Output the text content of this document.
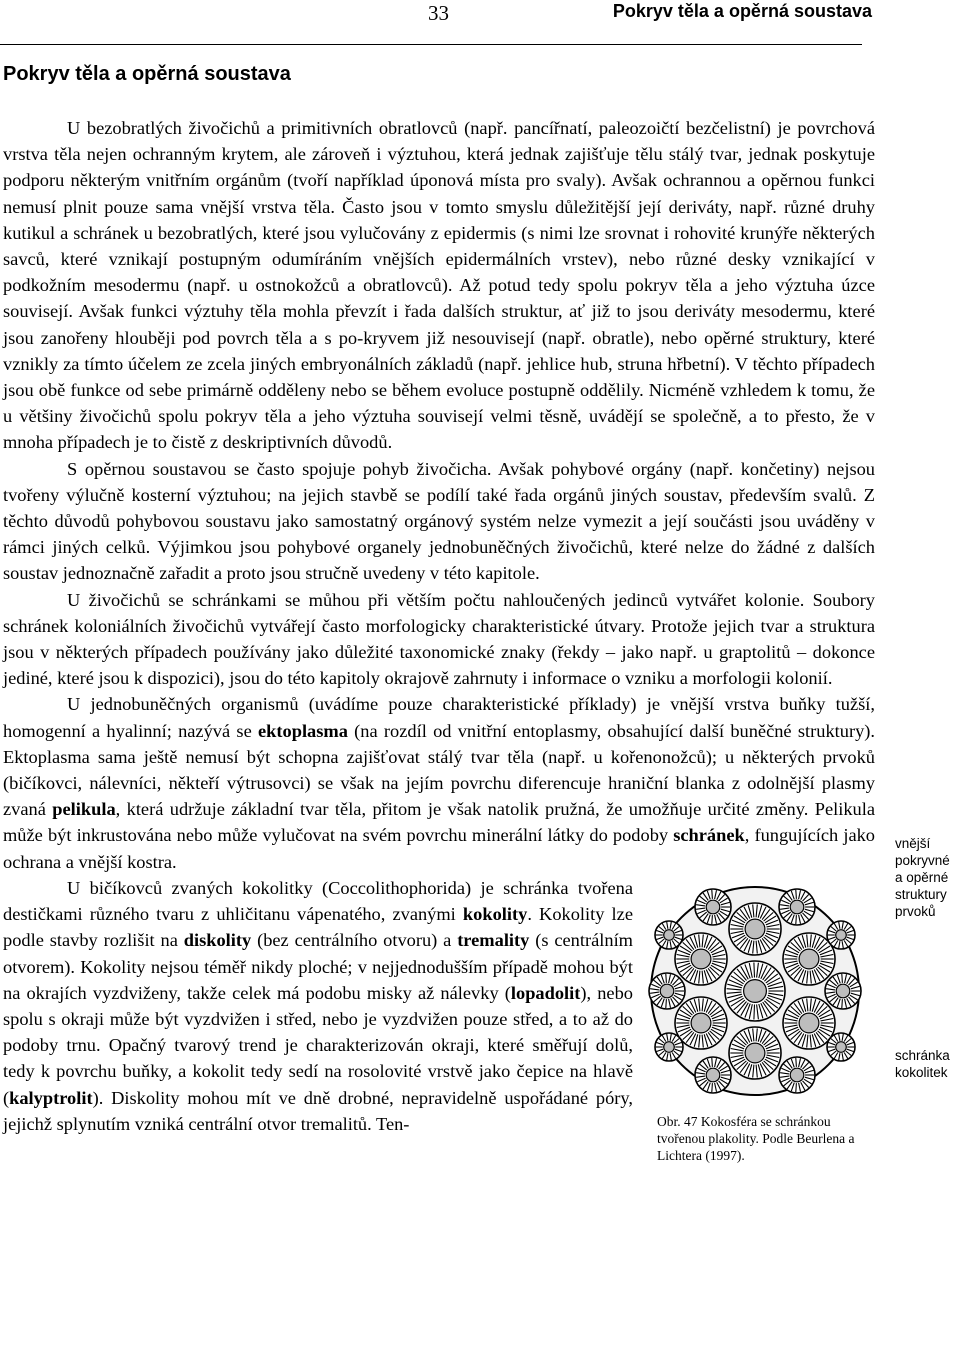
33	Pokryv těla a opěrná soustava
Pokryv těla a opěrná soustava

U bezobratlých živočichů a primitivních obratlovců (např. pancířnatí, paleozoičtí bezčelistní) je povrchová vrstva těla nejen ochranným krytem, ale zároveň i výztuhou, která jednak zajišťuje tělu stálý tvar, jednak poskytuje podporu některým vnitřním orgánům (tvoří například úponová místa pro svaly). Avšak ochrannou a opěrnou funkci nemusí plnit pouze sama vnější vrstva těla. Často jsou v tomto smyslu důležitější její deriváty, např. různé druhy kutikul a schránek u bezobratlých, které jsou vylučovány z epidermis (s nimi lze srovnat i rohovité krunýře některých savců, které vznikají postupným odumíráním vnějších epidermálních vrstev), nebo různé desky vznikající v podkožním mesodermu (např. u ostnokožců a obratlovců). Až potud tedy spolu pokryv těla a jeho výztuha úzce souvisejí. Avšak funkci výztuhy těla mohla převzít i řada dalších struktur, ať již to jsou deriváty mesodermu, které jsou zanořeny hlouběji pod povrch těla a s po-kryvem již nesouvisejí (např. obratle), nebo opěrné struktury, které vznikly za tímto účelem ze zcela jiných embryonálních základů (např. jehlice hub, struna hřbetní). V těchto případech jsou obě funkce od sebe primárně odděleny nebo se během evoluce postupně oddělily. Nicméně vzhledem k tomu, že u většiny živočichů spolu pokryv těla a jeho výztuha souvisejí velmi těsně, uvádějí se společně, a to přesto, že v mnoha případech je to čistě z deskriptivních důvodů.

S opěrnou soustavou se často spojuje pohyb živočicha. Avšak pohybové orgány (např. končetiny) nejsou tvořeny výlučně kosterní výztuhou; na jejich stavbě se podílí také řada orgánů jiných soustav, především svalů. Z těchto důvodů pohybovou soustavu jako samostatný orgánový systém nelze vymezit a její součásti jsou uváděny v rámci jiných celků. Výjimkou jsou pohybové organely jednobuněčných živočichů, které nelze do žádné z dalších soustav jednoznačně zařadit a proto jsou stručně uvedeny v této kapitole.

U živočichů se schránkami se můhou při větším počtu nahloučených jedinců vytvářet kolonie. Soubory schránek koloniálních živočichů vytvářejí často morfologicky charakteristické útvary. Protože jejich tvar a struktura jsou v některých případech používány jako důležité taxonomické znaky (řekdy – jako např. u graptolitů – dokonce jediné, které jsou k dispozici), jsou do této kapitoly okrajově zahrnuty i informace o vzniku a morfologii kolonií.

U jednobuněčných organismů (uvádíme pouze charakteristické příklady) je vnější vrstva buňky tužší, homogenní a hyalinní; nazývá se ektoplasma (na rozdíl od vnitřní entoplasmy, obsahující další buněčné struktury). Ektoplasma sama ještě nemusí být schopna zajišťovat stálý tvar těla (např. u kořenonožců); u některých prvoků (bičíkovci, nálevníci, někteří výtrusovci) se však na jejím povrchu diferencuje hraniční blanka z odolnější plasmy zvaná pelikula, která udržuje základní tvar těla, přitom je však natolik pružná, že umožňuje určité změny. Pelikula může být inkrustována nebo může vylučovat na svém povrchu minerální látky do podoby schránek, fungujících jako ochrana a vnější kostra.

Obr. 47 Kokosféra se schránkou tvořenou plakolity. Podle Beurlena a Lichtera (1997).

U bičíkovců zvaných kokolitky (Coccolithophorida) je schránka tvořena destičkami různého tvaru z uhličitanu vápenatého, zvanými kokolity. Kokolity lze podle stavby rozlišit na diskolity (bez centrálního otvoru) a tremality (s centrálním otvorem). Kokolity nejsou téměř nikdy ploché; v nejjednodušším případě mohou být na okrajích vyzdviženy, takže celek má podobu misky až nálevky (lopadolit), nebo spolu s okraji může být vyzdvižen i střed, nebo je vyzdvižen pouze střed, a to až do podoby trnu. Opačný tvarový trend je charakterizován okraji, které směřují dolů, tedy k povrchu buňky, a kokolit tedy sedí na rosolovité vrstvě jako čepice na hlavě (kalyptrolit). Diskolity mohou mít ve dně drobné, nepravidelně uspořádané póry, jejichž splynutím vzniká centrální otvor tremalitů. Ten-

vnější pokryvné a opěrné struktury prvoků
schránka kokolitek
